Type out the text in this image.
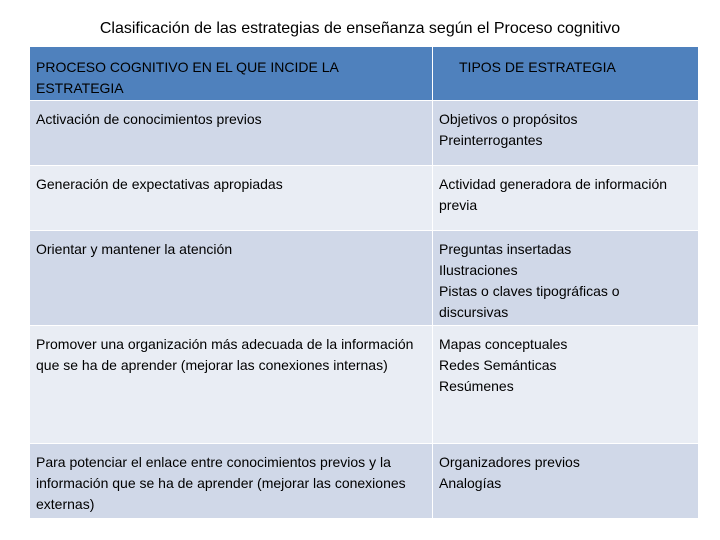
Clasificación de las estrategias de enseñanza según el Proceso cognitivo
PROCESO COGNITIVO EN EL QUE INCIDE LA ESTRATEGIA	TIPOS DE ESTRATEGIA
Activación de conocimientos previos	Objetivos o propósitos
Preinterrogantes

Generación de expectativas apropiadas	Actividad generadora de información previa

Orientar y mantener la atención	Preguntas insertadas
Ilustraciones
Pistas o claves tipográficas o discursivas

Promover una organización más adecuada de la información que se ha de aprender (mejorar las conexiones internas)	Mapas conceptuales
Redes Semánticas
Resúmenes

Para potenciar el enlace entre conocimientos previos y la información que se ha de aprender (mejorar las conexiones externas)	Organizadores previos
Analogías
